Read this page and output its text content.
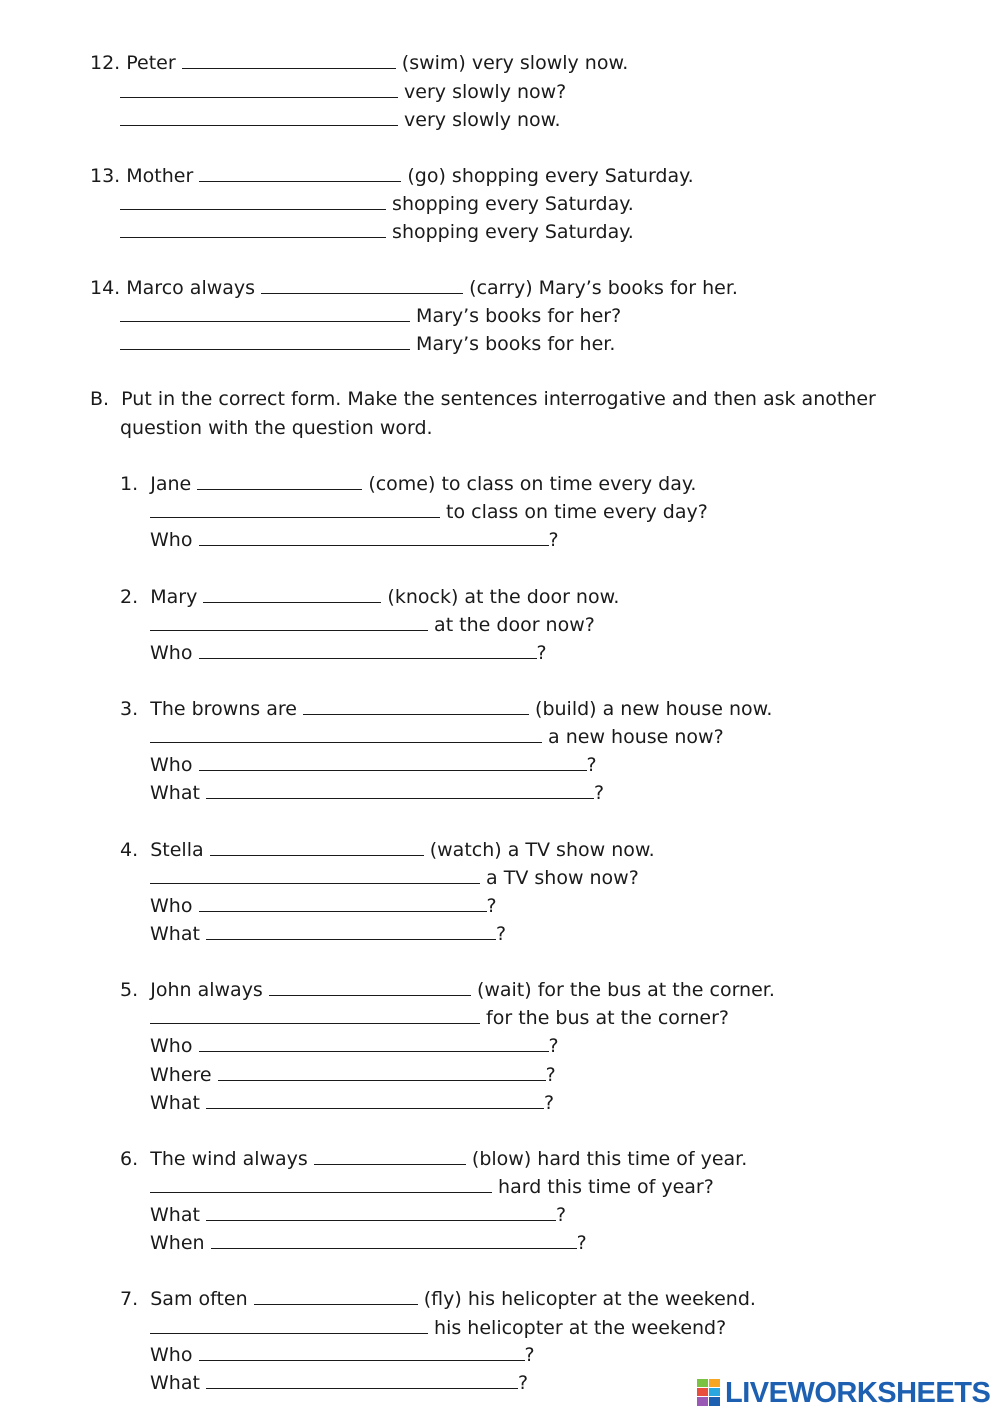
12. Peter	(swim) very slowly now.
very slowly now?
very slowly now.
13. Mother	(go) shopping every Saturday.
shopping every Saturday.
shopping every Saturday.
14. Marco always	(carry) Mary’s books for her.
Mary’s books for her?
Mary’s books for her.
B. Put in the correct form. Make the sentences interrogative and then ask another
question with the question word.
1. Jane	(come) to class on time every day.
to class on time every day?
Who	?
2. Mary	(knock) at the door now.
at the door now?
Who	?
3. The browns are	(build) a new house now.
a new house now?
Who	?
What	?
4. Stella	(watch) a TV show now.
a TV show now?
Who	?
What	?
5. John always	(wait) for the bus at the corner.
for the bus at the corner?
Who	?
Where	?
What	?
6. The wind always	(blow) hard this time of year.
hard this time of year?
What	?
When	?
7. Sam often	(fly) his helicopter at the weekend.
his helicopter at the weekend?
Who	?
What	?	LIVEWORKSHEETS
